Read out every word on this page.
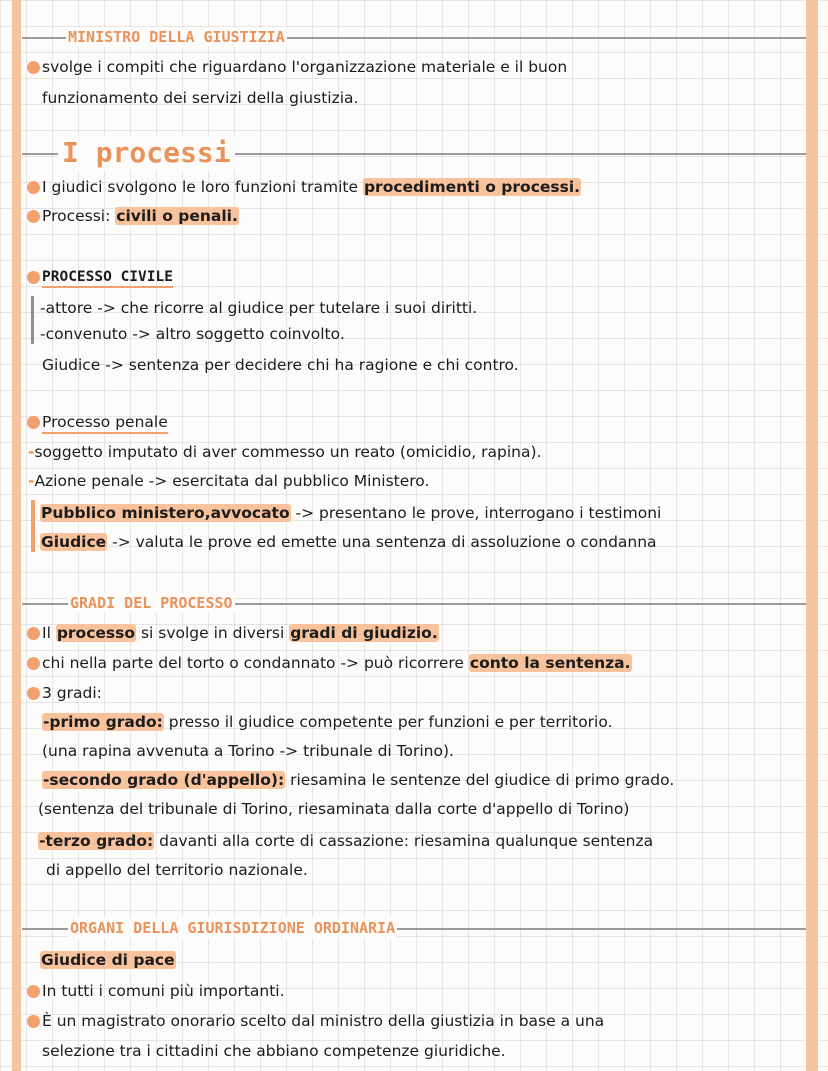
MINISTRO DELLA GIUSTIZIA
svolge i compiti che riguardano l'organizzazione materiale e il buon
funzionamento dei servizi della giustizia.
I processi
I giudici svolgono le loro funzioni tramite procedimenti o processi.
Processi: civili o penali.
PROCESSO CIVILE
-attore -> che ricorre al giudice per tutelare i suoi diritti.
-convenuto -> altro soggetto coinvolto.
Giudice -> sentenza per decidere chi ha ragione e chi contro.
Processo penale
-soggetto imputato di aver commesso un reato (omicidio, rapina).
-Azione penale -> esercitata dal pubblico Ministero.
Pubblico ministero,avvocato -> presentano le prove, interrogano i testimoni
Giudice -> valuta le prove ed emette una sentenza di assoluzione o condanna
GRADI DEL PROCESSO
Il processo si svolge in diversi gradi di giudizio.
chi nella parte del torto o condannato -> può ricorrere conto la sentenza.
3 gradi:
-primo grado: presso il giudice competente per funzioni e per territorio.
(una rapina avvenuta a Torino -> tribunale di Torino).
-secondo grado (d'appello): riesamina le sentenze del giudice di primo grado.
(sentenza del tribunale di Torino, riesaminata dalla corte d'appello di Torino)
-terzo grado: davanti alla corte di cassazione: riesamina qualunque sentenza
di appello del territorio nazionale.
ORGANI DELLA GIURISDIZIONE ORDINARIA
Giudice di pace
In tutti i comuni più importanti.
È un magistrato onorario scelto dal ministro della giustizia in base a una
selezione tra i cittadini che abbiano competenze giuridiche.
